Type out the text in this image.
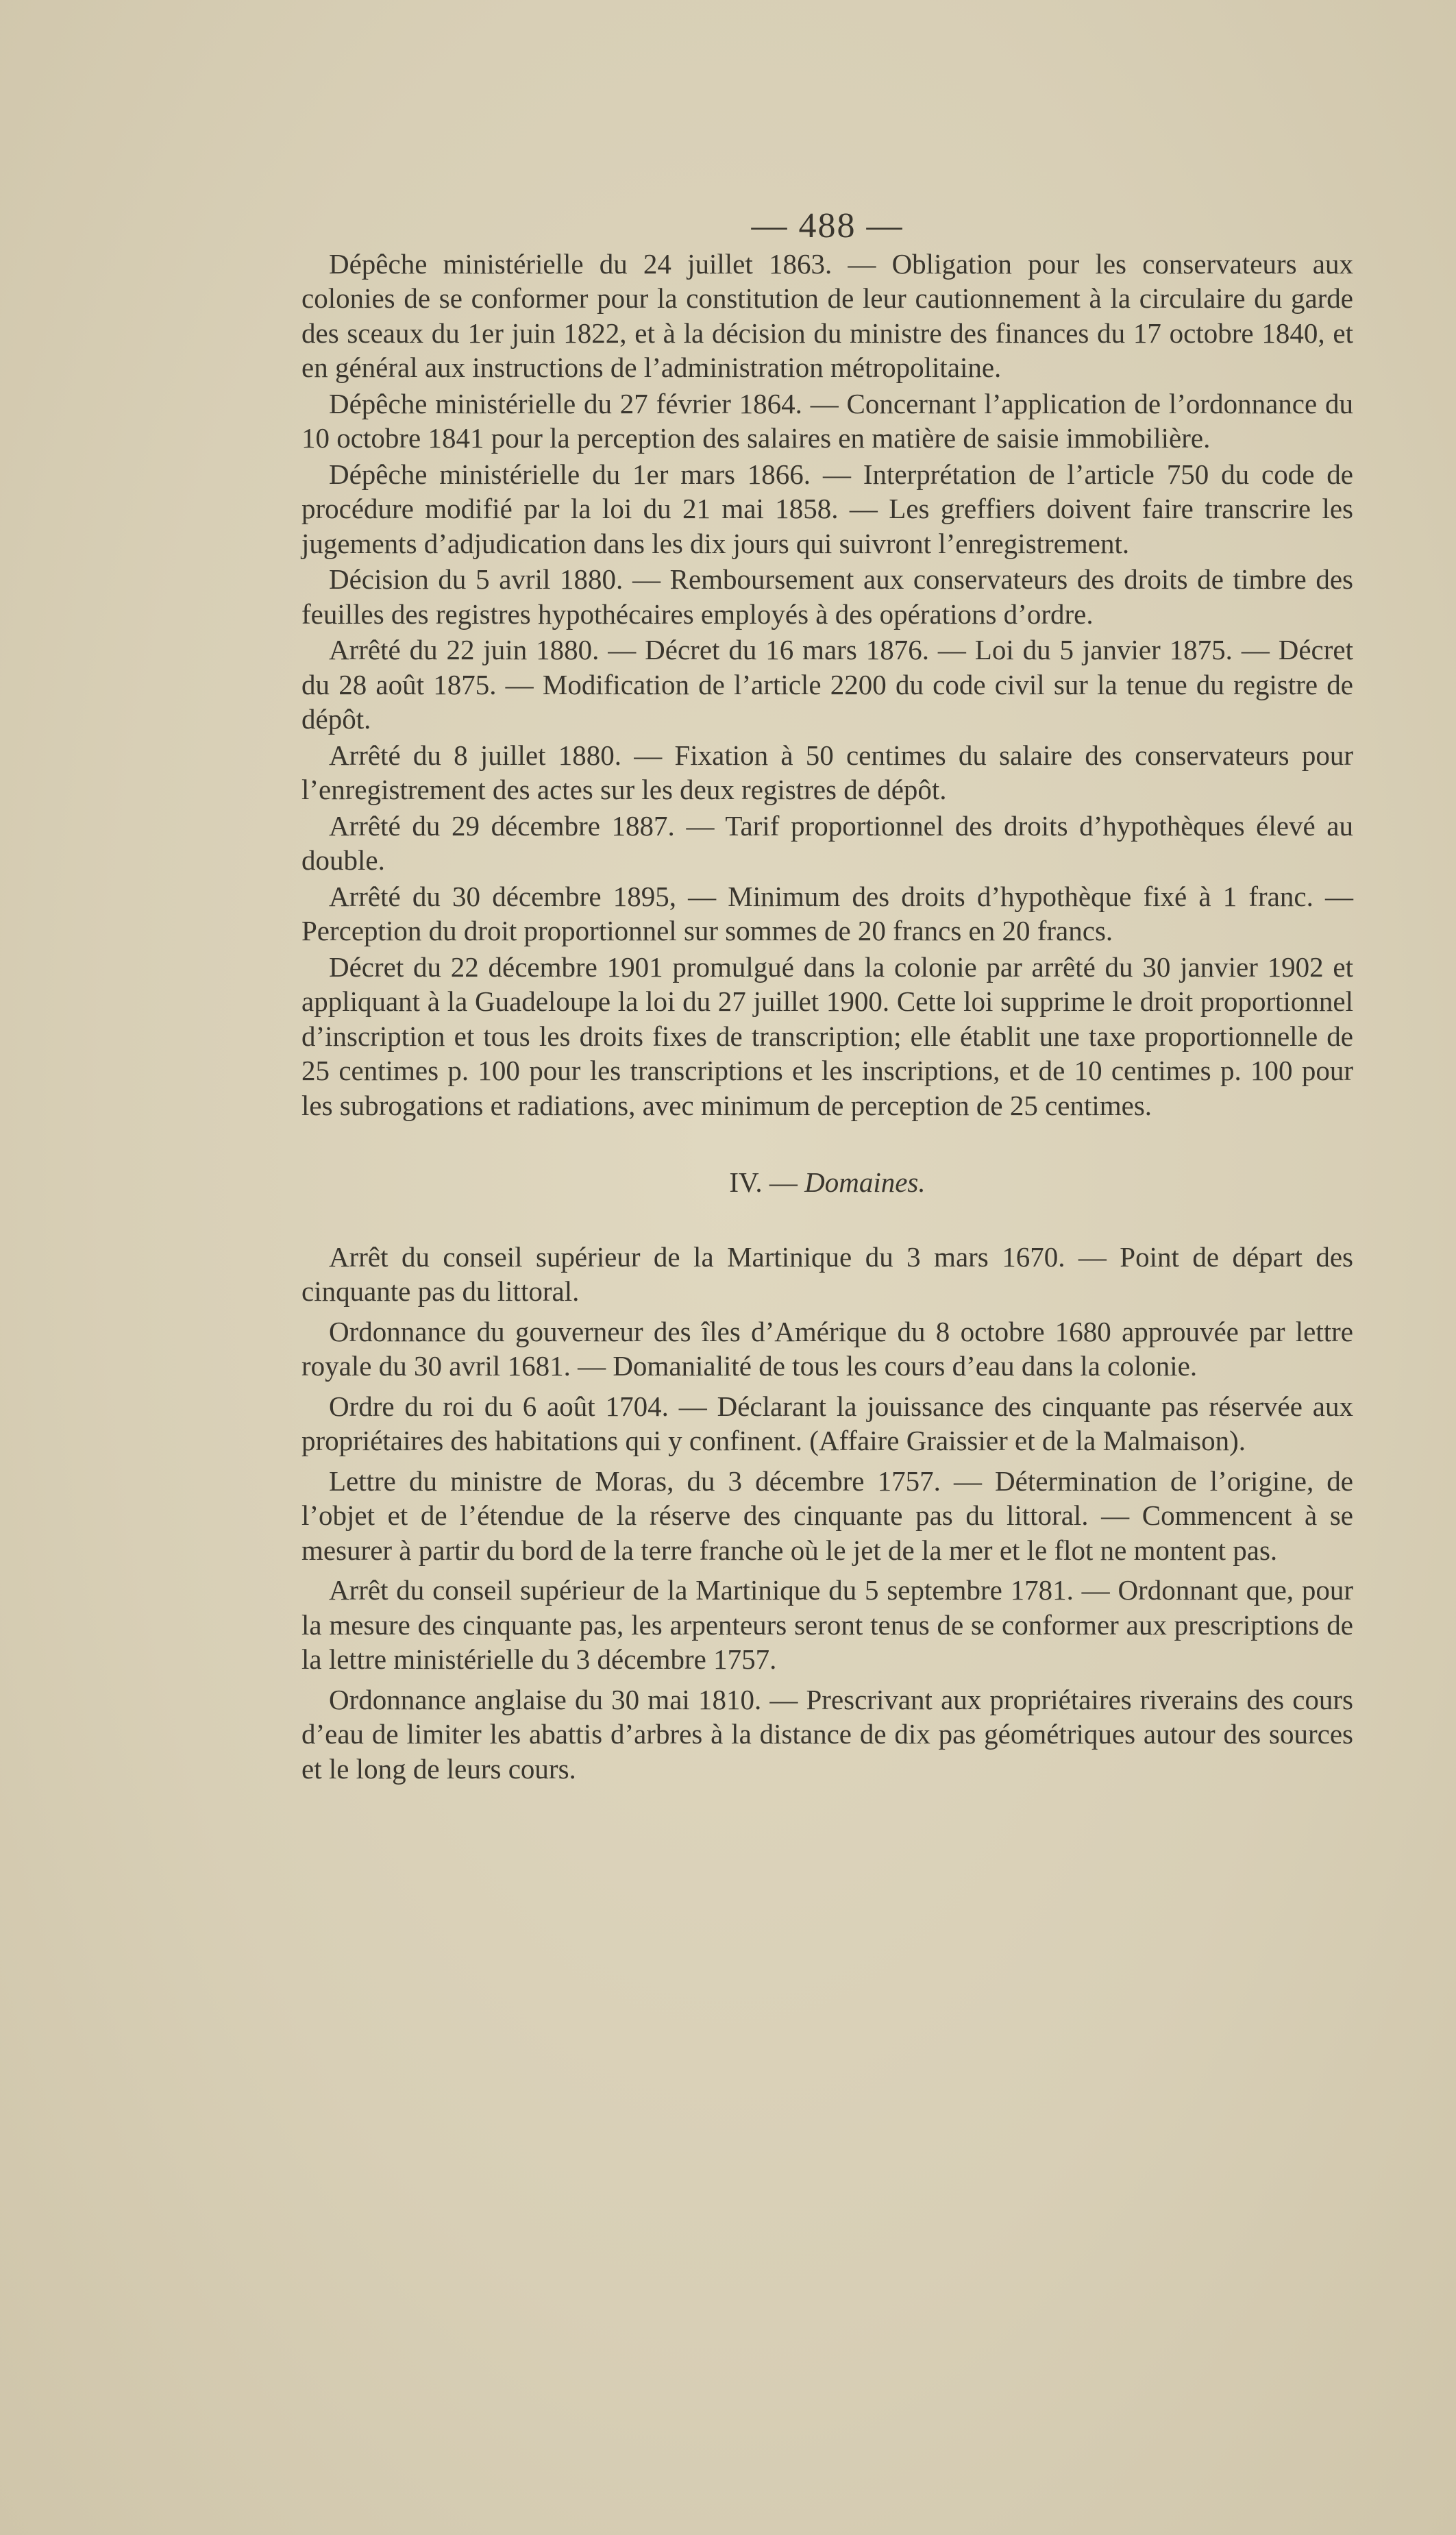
— 488 —

Dépêche ministérielle du 24 juillet 1863. — Obligation pour les conservateurs aux colonies de se conformer pour la constitution de leur cautionnement à la circulaire du garde des sceaux du 1er juin 1822, et à la décision du ministre des finances du 17 octobre 1840, et en général aux instructions de l’administration métropolitaine.

Dépêche ministérielle du 27 février 1864. — Concernant l’application de l’ordonnance du 10 octobre 1841 pour la perception des salaires en matière de saisie immobilière.

Dépêche ministérielle du 1er mars 1866. — Interprétation de l’article 750 du code de procédure modifié par la loi du 21 mai 1858. — Les greffiers doivent faire transcrire les jugements d’adjudication dans les dix jours qui suivront l’enregistrement.

Décision du 5 avril 1880. — Remboursement aux conservateurs des droits de timbre des feuilles des registres hypothécaires employés à des opérations d’ordre.

Arrêté du 22 juin 1880. — Décret du 16 mars 1876. — Loi du 5 janvier 1875. — Décret du 28 août 1875. — Modification de l’article 2200 du code civil sur la tenue du registre de dépôt.

Arrêté du 8 juillet 1880. — Fixation à 50 centimes du salaire des conservateurs pour l’enregistrement des actes sur les deux registres de dépôt.

Arrêté du 29 décembre 1887. — Tarif proportionnel des droits d’hypothèques élevé au double.

Arrêté du 30 décembre 1895, — Minimum des droits d’hypothèque fixé à 1 franc. — Perception du droit proportionnel sur sommes de 20 francs en 20 francs.

Décret du 22 décembre 1901 promulgué dans la colonie par arrêté du 30 janvier 1902 et appliquant à la Guadeloupe la loi du 27 juillet 1900. Cette loi supprime le droit proportionnel d’inscription et tous les droits fixes de transcription; elle établit une taxe proportionnelle de 25 centimes p. 100 pour les transcriptions et les inscriptions, et de 10 centimes p. 100 pour les subrogations et radiations, avec minimum de perception de 25 centimes.

IV. — Domaines.

Arrêt du conseil supérieur de la Martinique du 3 mars 1670. — Point de départ des cinquante pas du littoral.

Ordonnance du gouverneur des îles d’Amérique du 8 octobre 1680 approuvée par lettre royale du 30 avril 1681. — Domanialité de tous les cours d’eau dans la colonie.

Ordre du roi du 6 août 1704. — Déclarant la jouissance des cinquante pas réservée aux propriétaires des habitations qui y confinent. (Affaire Graissier et de la Malmaison).

Lettre du ministre de Moras, du 3 décembre 1757. — Détermination de l’origine, de l’objet et de l’étendue de la réserve des cinquante pas du littoral. — Commencent à se mesurer à partir du bord de la terre franche où le jet de la mer et le flot ne montent pas.

Arrêt du conseil supérieur de la Martinique du 5 septembre 1781. — Ordonnant que, pour la mesure des cinquante pas, les arpenteurs seront tenus de se conformer aux prescriptions de la lettre ministérielle du 3 décembre 1757.

Ordonnance anglaise du 30 mai 1810. — Prescrivant aux propriétaires riverains des cours d’eau de limiter les abattis d’arbres à la distance de dix pas géométriques autour des sources et le long de leurs cours.
